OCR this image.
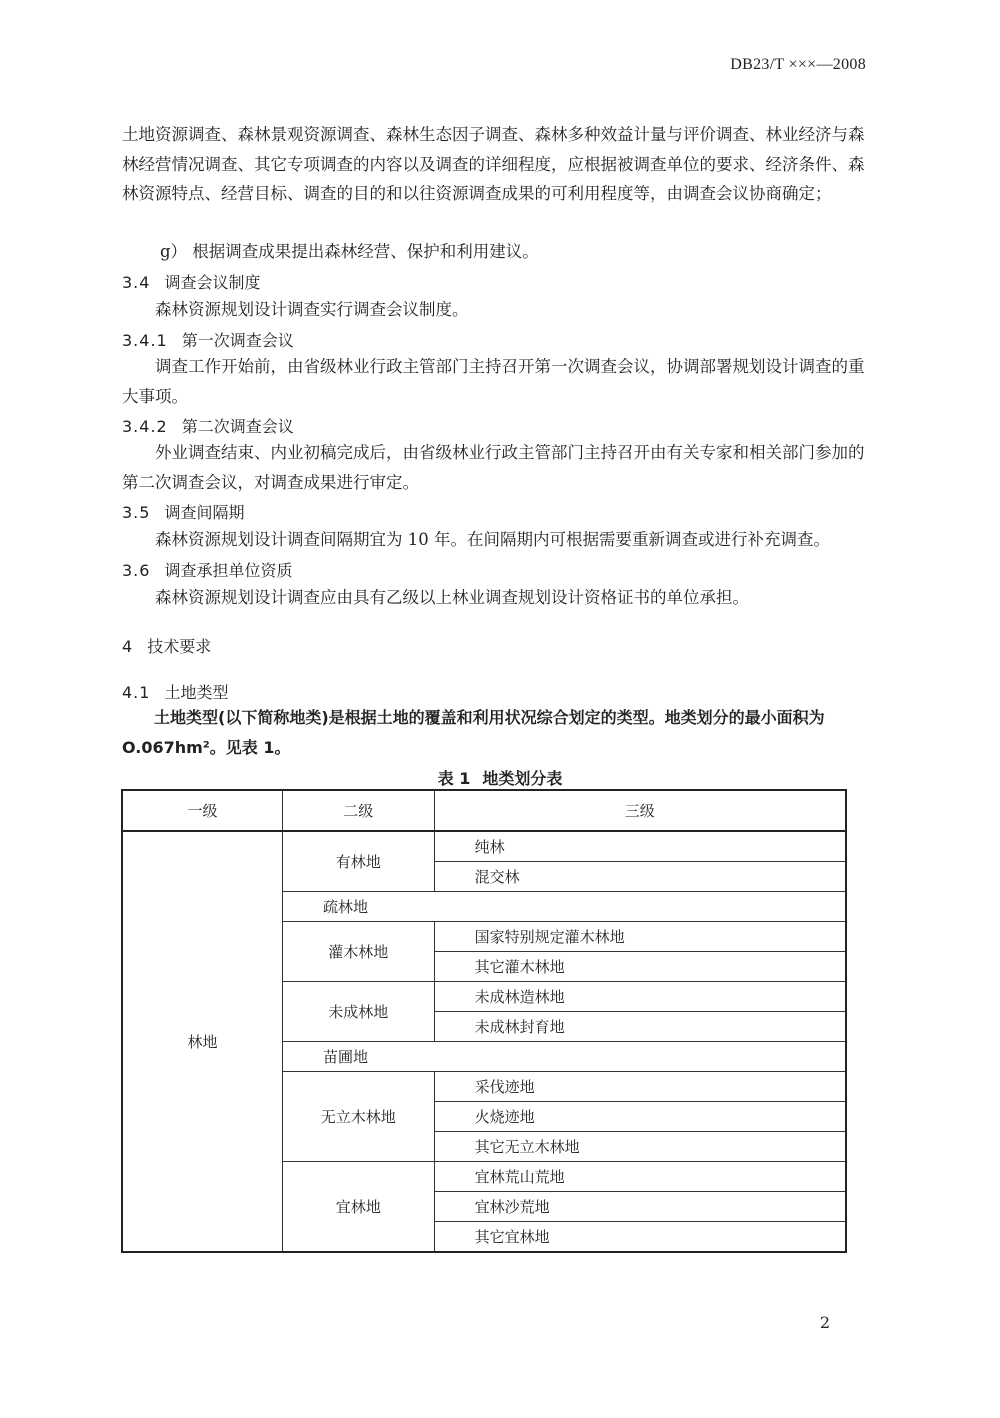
DB23/T ×××—2008
土地资源调查、森林景观资源调查、森林生态因子调查、森林多种效益计量与评价调查、林业经济与森林经营情况调查、其它专项调查的内容以及调查的详细程度，应根据被调查单位的要求、经济条件、森林资源特点、经营目标、调查的目的和以往资源调查成果的可利用程度等，由调查会议协商确定；
g） 根据调查成果提出森林经营、保护和利用建议。
3.4 调查会议制度
森林资源规划设计调查实行调查会议制度。
3.4.1 第一次调查会议
调查工作开始前，由省级林业行政主管部门主持召开第一次调查会议，协调部署规划设计调查的重大事项。
3.4.2 第二次调查会议
外业调查结束、内业初稿完成后，由省级林业行政主管部门主持召开由有关专家和相关部门参加的第二次调查会议，对调查成果进行审定。
3.5 调查间隔期
森林资源规划设计调查间隔期宜为 10 年。在间隔期内可根据需要重新调查或进行补充调查。
3.6 调查承担单位资质
森林资源规划设计调查应由具有乙级以上林业调查规划设计资格证书的单位承担。
4 技术要求
4.1 土地类型
土地类型(以下简称地类)是根据土地的覆盖和利用状况综合划定的类型。地类划分的最小面积为 O.067hm²。见表 1。
表 1 地类划分表
一级	二级	三级
林地	有林地	纯林
		混交林
	疏林地	
	灌木林地	国家特别规定灌木林地
		其它灌木林地
	未成林地	未成林造林地
		未成林封育地
	苗圃地	
	无立木林地	采伐迹地
		火烧迹地
		其它无立木林地
	宜林地	宜林荒山荒地
		宜林沙荒地
		其它宜林地
2
